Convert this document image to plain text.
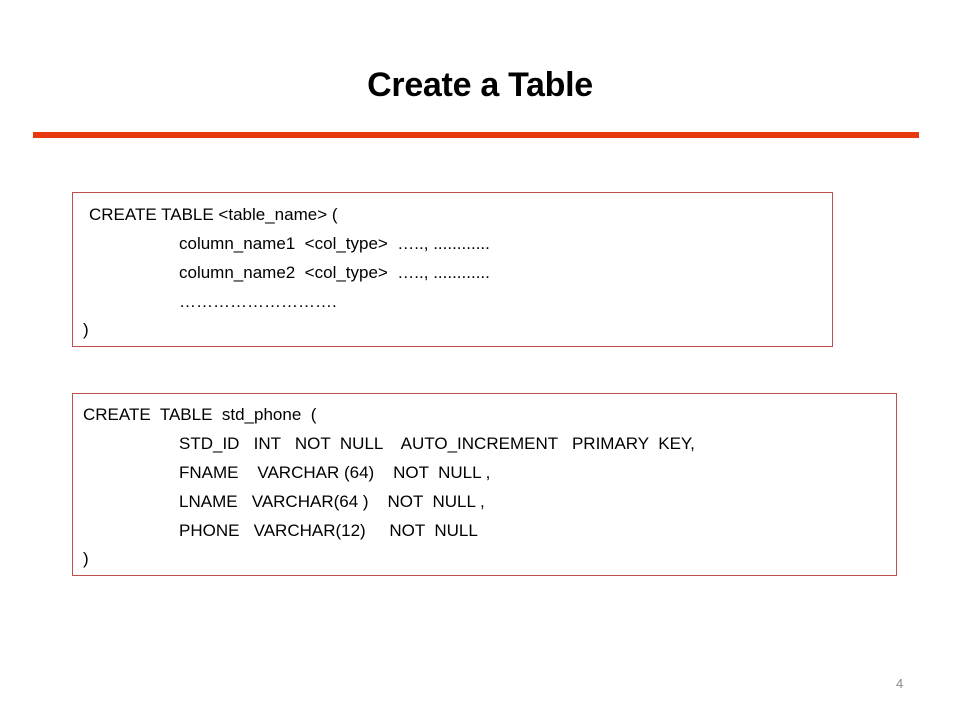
Create a Table
CREATE TABLE <table_name> (
column_name1  <col_type>  ….., ............
column_name2  <col_type>  ….., ............
……………………….
)
CREATE  TABLE  std_phone  (
STD_ID   INT   NOT  NULL    AUTO_INCREMENT   PRIMARY  KEY,
FNAME    VARCHAR (64)    NOT  NULL ,
LNAME   VARCHAR(64 )    NOT  NULL ,
PHONE   VARCHAR(12)     NOT  NULL
)
4
